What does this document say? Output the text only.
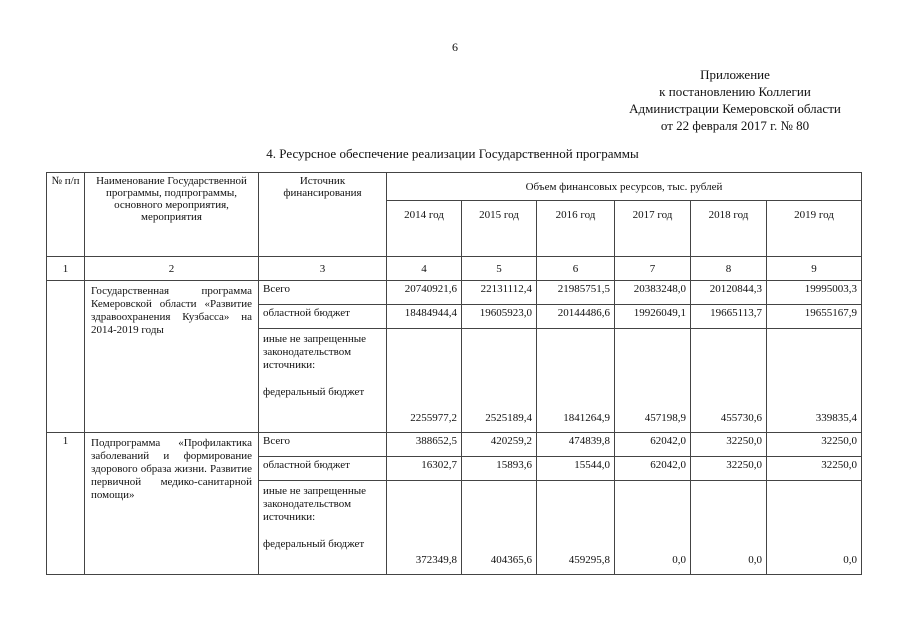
6
Приложение
к постановлению Коллегии
Администрации Кемеровской области
от 22 февраля 2017 г. № 80
4. Ресурсное обеспечение реализации Государственной программы
№ п/п	Наименование Государственной программы, подпрограммы, основного мероприятия, мероприятия	Источник финансирования	Объем финансовых ресурсов, тыс. рублей					
			2014 год	2015 год	2016 год	2017 год	2018 год	2019 год
1	2	3	4	5	6	7	8	9
	Государственная программа Кемеровской области «Развитие здравоохранения Кузбасса» на 2014-2019 годы	Всего	20740921,6	22131112,4	21985751,5	20383248,0	20120844,3	19995003,3
		областной бюджет	18484944,4	19605923,0	20144486,6	19926049,1	19665113,7	19655167,9

		иные не запрещенные законодательством источники:
федеральный бюджет	2255977,2	2525189,4	1841264,9	457198,9	455730,6	339835,4
1	Подпрограмма «Профилактика заболеваний и формирование здорового образа жизни. Развитие первичной медико-санитарной помощи»	Всего	388652,5	420259,2	474839,8	62042,0	32250,0	32250,0
		областной бюджет	16302,7	15893,6	15544,0	62042,0	32250,0	32250,0

		иные не запрещенные законодательством источники:
федеральный бюджет	372349,8	404365,6	459295,8	0,0	0,0	0,0
